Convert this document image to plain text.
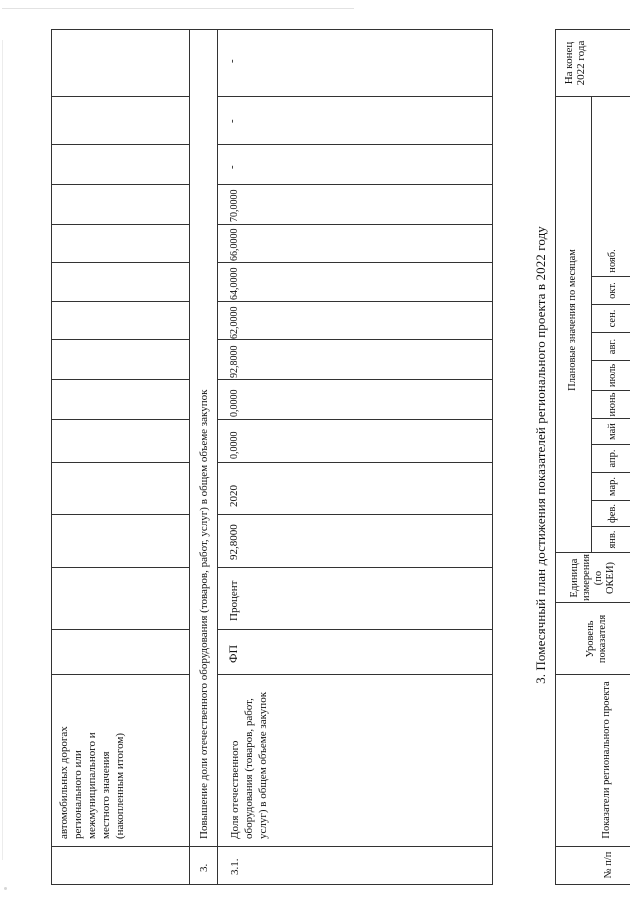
автомобильных дорогах регионального или межмуниципального и местного значения (накопленным итогом)
3.
Повышение доли отечественного оборудования (товаров, работ, услуг) в общем объеме закупок
3.1.
Доля отечественного оборудования (товаров, работ, услуг) в общем объеме закупок
ФП
Процент
92,8000
2020
0,0000
0,0000
92,8000
62,0000
64,0000
66,0000
70,0000
-
-
-
3. Помесячный план достижения показателей регионального проекта в 2022 году
№ п/п
Показатели регионального проекта
Уровень показателя
Единица измерения (по ОКЕИ)
Плановые значения по месяцам
янв.
фев.
мар.
апр.
май
июнь
июль
авг.
сен.
окт.
нояб.
На конец 2022 года
